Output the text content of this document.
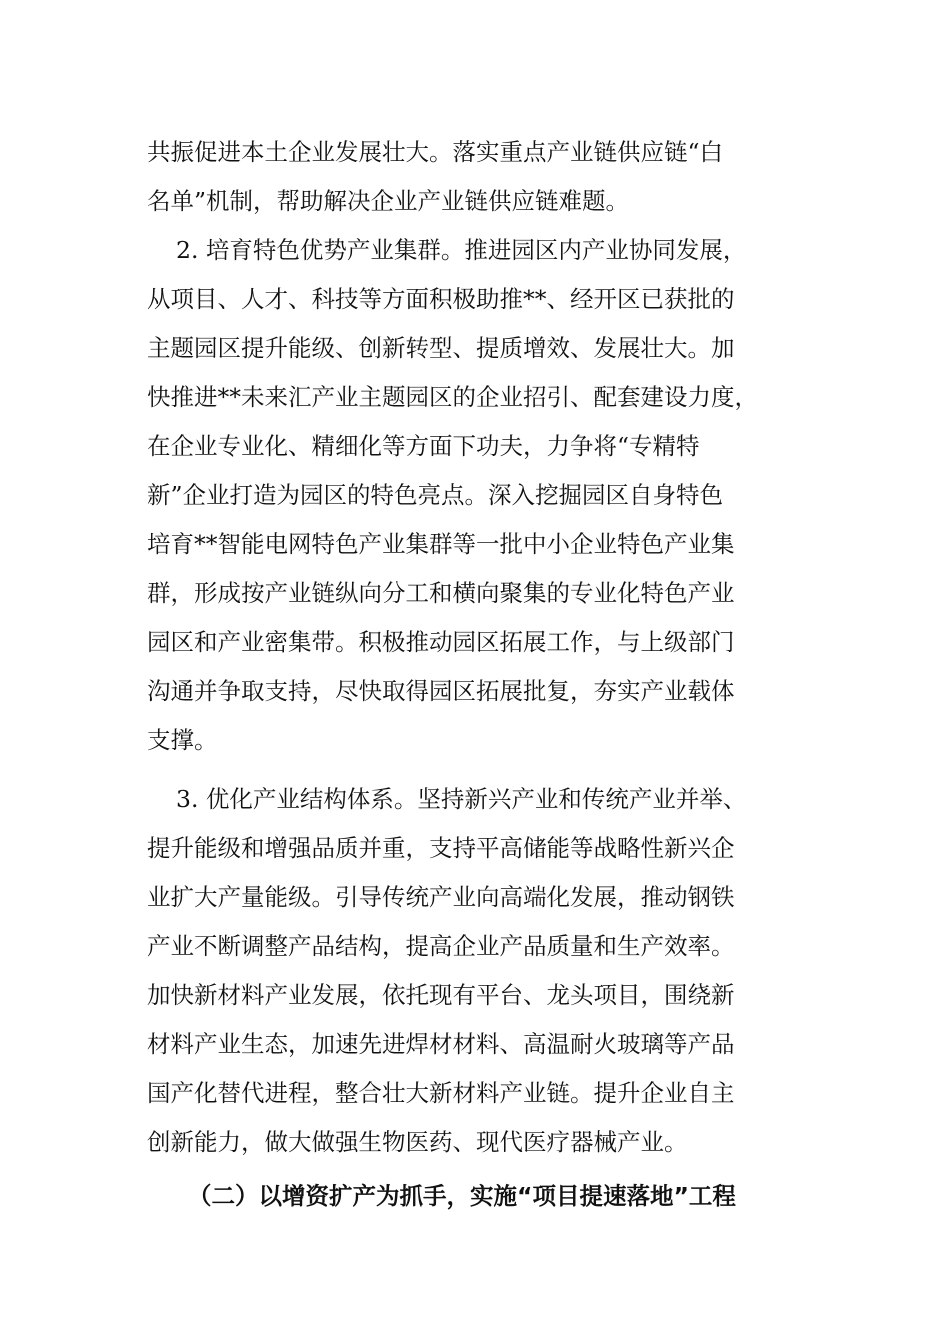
共振促进本土企业发展壮大。落实重点产业链供应链“白
名单”机制，帮助解决企业产业链供应链难题。
2. 培育特色优势产业集群。推进园区内产业协同发展，
从项目、人才、科技等方面积极助推**、经开区已获批的
主题园区提升能级、创新转型、提质增效、发展壮大。加
快推进**未来汇产业主题园区的企业招引、配套建设力度，
在企业专业化、精细化等方面下功夫，力争将“专精特
新”企业打造为园区的特色亮点。深入挖掘园区自身特色
培育**智能电网特色产业集群等一批中小企业特色产业集
群，形成按产业链纵向分工和横向聚集的专业化特色产业
园区和产业密集带。积极推动园区拓展工作，与上级部门
沟通并争取支持，尽快取得园区拓展批复，夯实产业载体
支撑。
3. 优化产业结构体系。坚持新兴产业和传统产业并举、
提升能级和增强品质并重，支持平高储能等战略性新兴企
业扩大产量能级。引导传统产业向高端化发展，推动钢铁
产业不断调整产品结构，提高企业产品质量和生产效率。
加快新材料产业发展，依托现有平台、龙头项目，围绕新
材料产业生态，加速先进焊材材料、高温耐火玻璃等产品
国产化替代进程，整合壮大新材料产业链。提升企业自主
创新能力，做大做强生物医药、现代医疗器械产业。
（二）以增资扩产为抓手，实施“项目提速落地”工程
